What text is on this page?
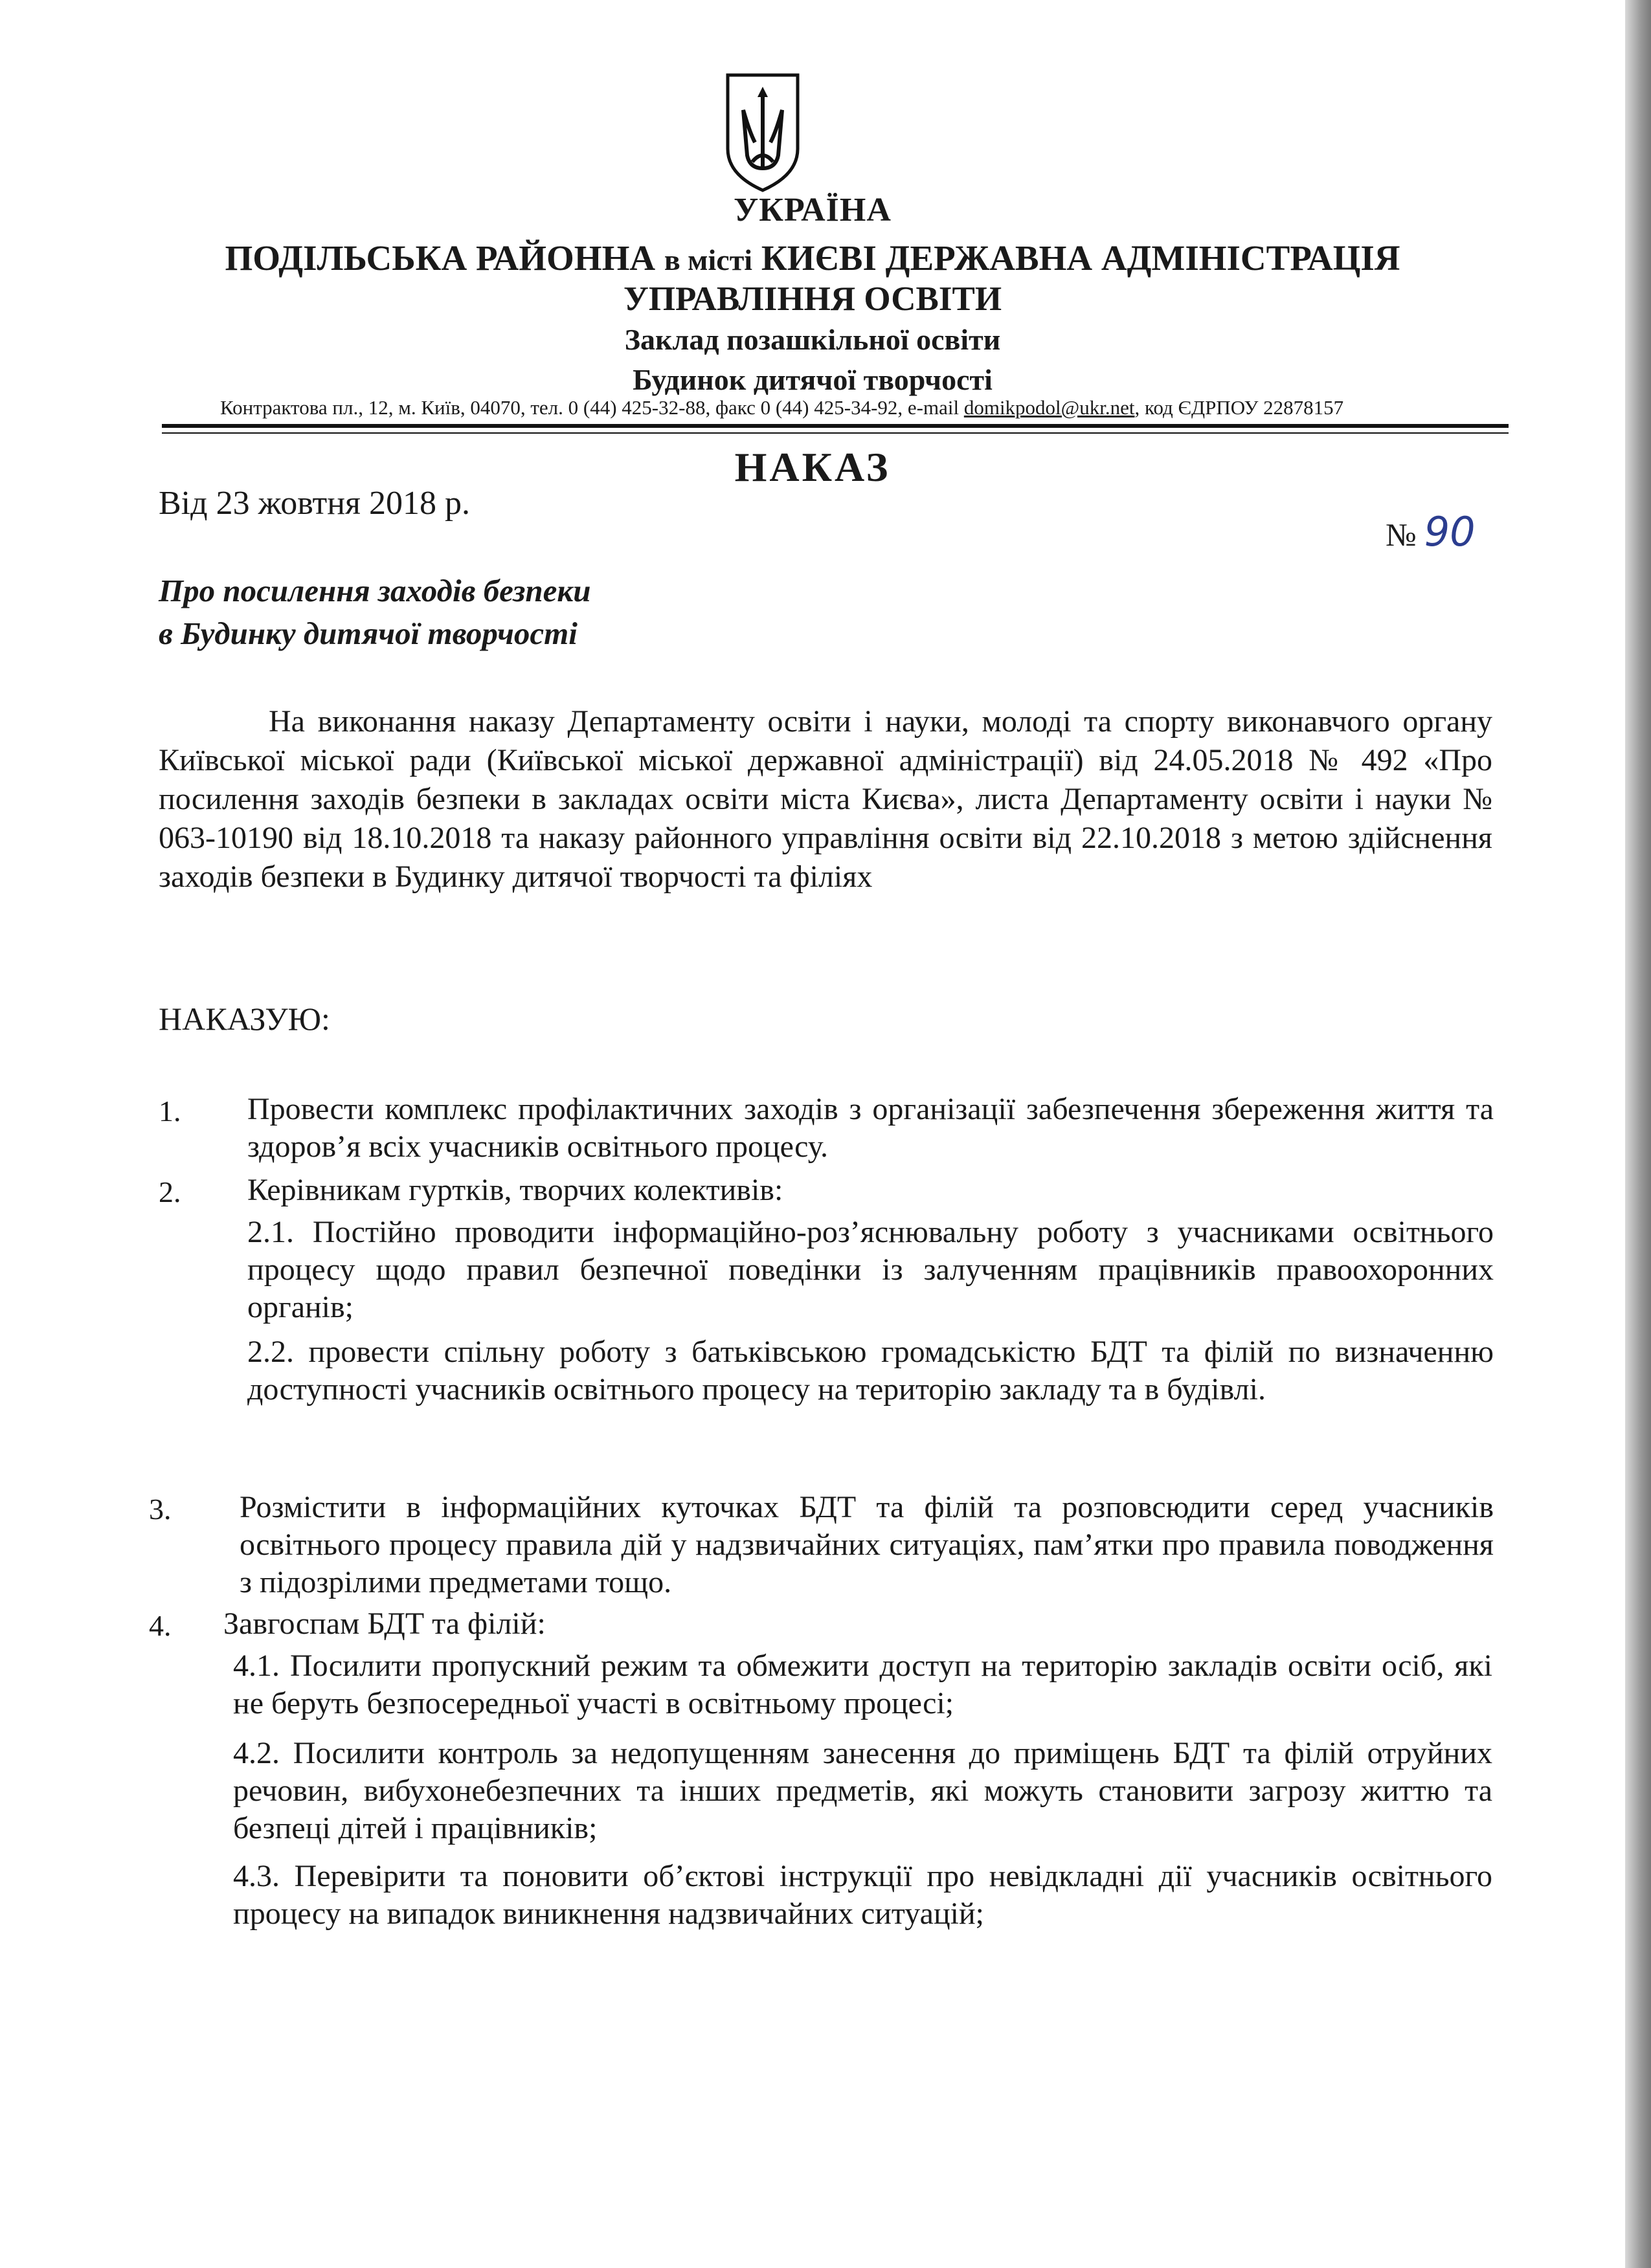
УКРАЇНА
ПОДІЛЬСЬКА РАЙОННА в місті КИЄВІ ДЕРЖАВНА АДМІНІСТРАЦІЯ
УПРАВЛІННЯ ОСВІТИ
Заклад позашкільної освіти
Будинок дитячої творчості
Контрактова пл., 12, м. Київ, 04070, тел. 0 (44) 425-32-88, факс 0 (44) 425-34-92, e-mail domikpodol@ukr.net, код ЄДРПОУ 22878157
НАКАЗ
Від 23 жовтня 2018 р.
№ 90
Про посилення заходів безпеки
в Будинку дитячої творчості
На виконання наказу Департаменту освіти і науки, молоді та спорту виконавчого органу Київської міської ради (Київської міської державної адміністрації) від 24.05.2018 № 492 «Про посилення заходів безпеки в закладах освіти міста Києва», листа Департаменту освіти і науки № 063-10190 від 18.10.2018 та наказу районного управління освіти від 22.10.2018 з метою здійснення заходів безпеки в Будинку дитячої творчості та філіях
НАКАЗУЮ:
1. Провести комплекс профілактичних заходів з організації забезпечення збереження життя та здоров’я всіх учасників освітнього процесу.
2. Керівникам гуртків, творчих колективів:
2.1. Постійно проводити інформаційно-роз’яснювальну роботу з учасниками освітнього процесу щодо правил безпечної поведінки із залученням працівників правоохоронних органів;
2.2. провести спільну роботу з батьківською громадськістю БДТ та філій по визначенню доступності учасників освітнього процесу на територію закладу та в будівлі.
3. Розмістити в інформаційних куточках БДТ та філій та розповсюдити серед учасників освітнього процесу правила дій у надзвичайних ситуаціях, пам’ятки про правила поводження з підозрілими предметами тощо.
4. Завгоспам БДТ та філій:
4.1. Посилити пропускний режим та обмежити доступ на територію закладів освіти осіб, які не беруть безпосередньої участі в освітньому процесі;
4.2. Посилити контроль за недопущенням занесення до приміщень БДТ та філій отруйних речовин, вибухонебезпечних та інших предметів, які можуть становити загрозу життю та безпеці дітей і працівників;
4.3. Перевірити та поновити об’єктові інструкції про невідкладні дії учасників освітнього процесу на випадок виникнення надзвичайних ситуацій;
